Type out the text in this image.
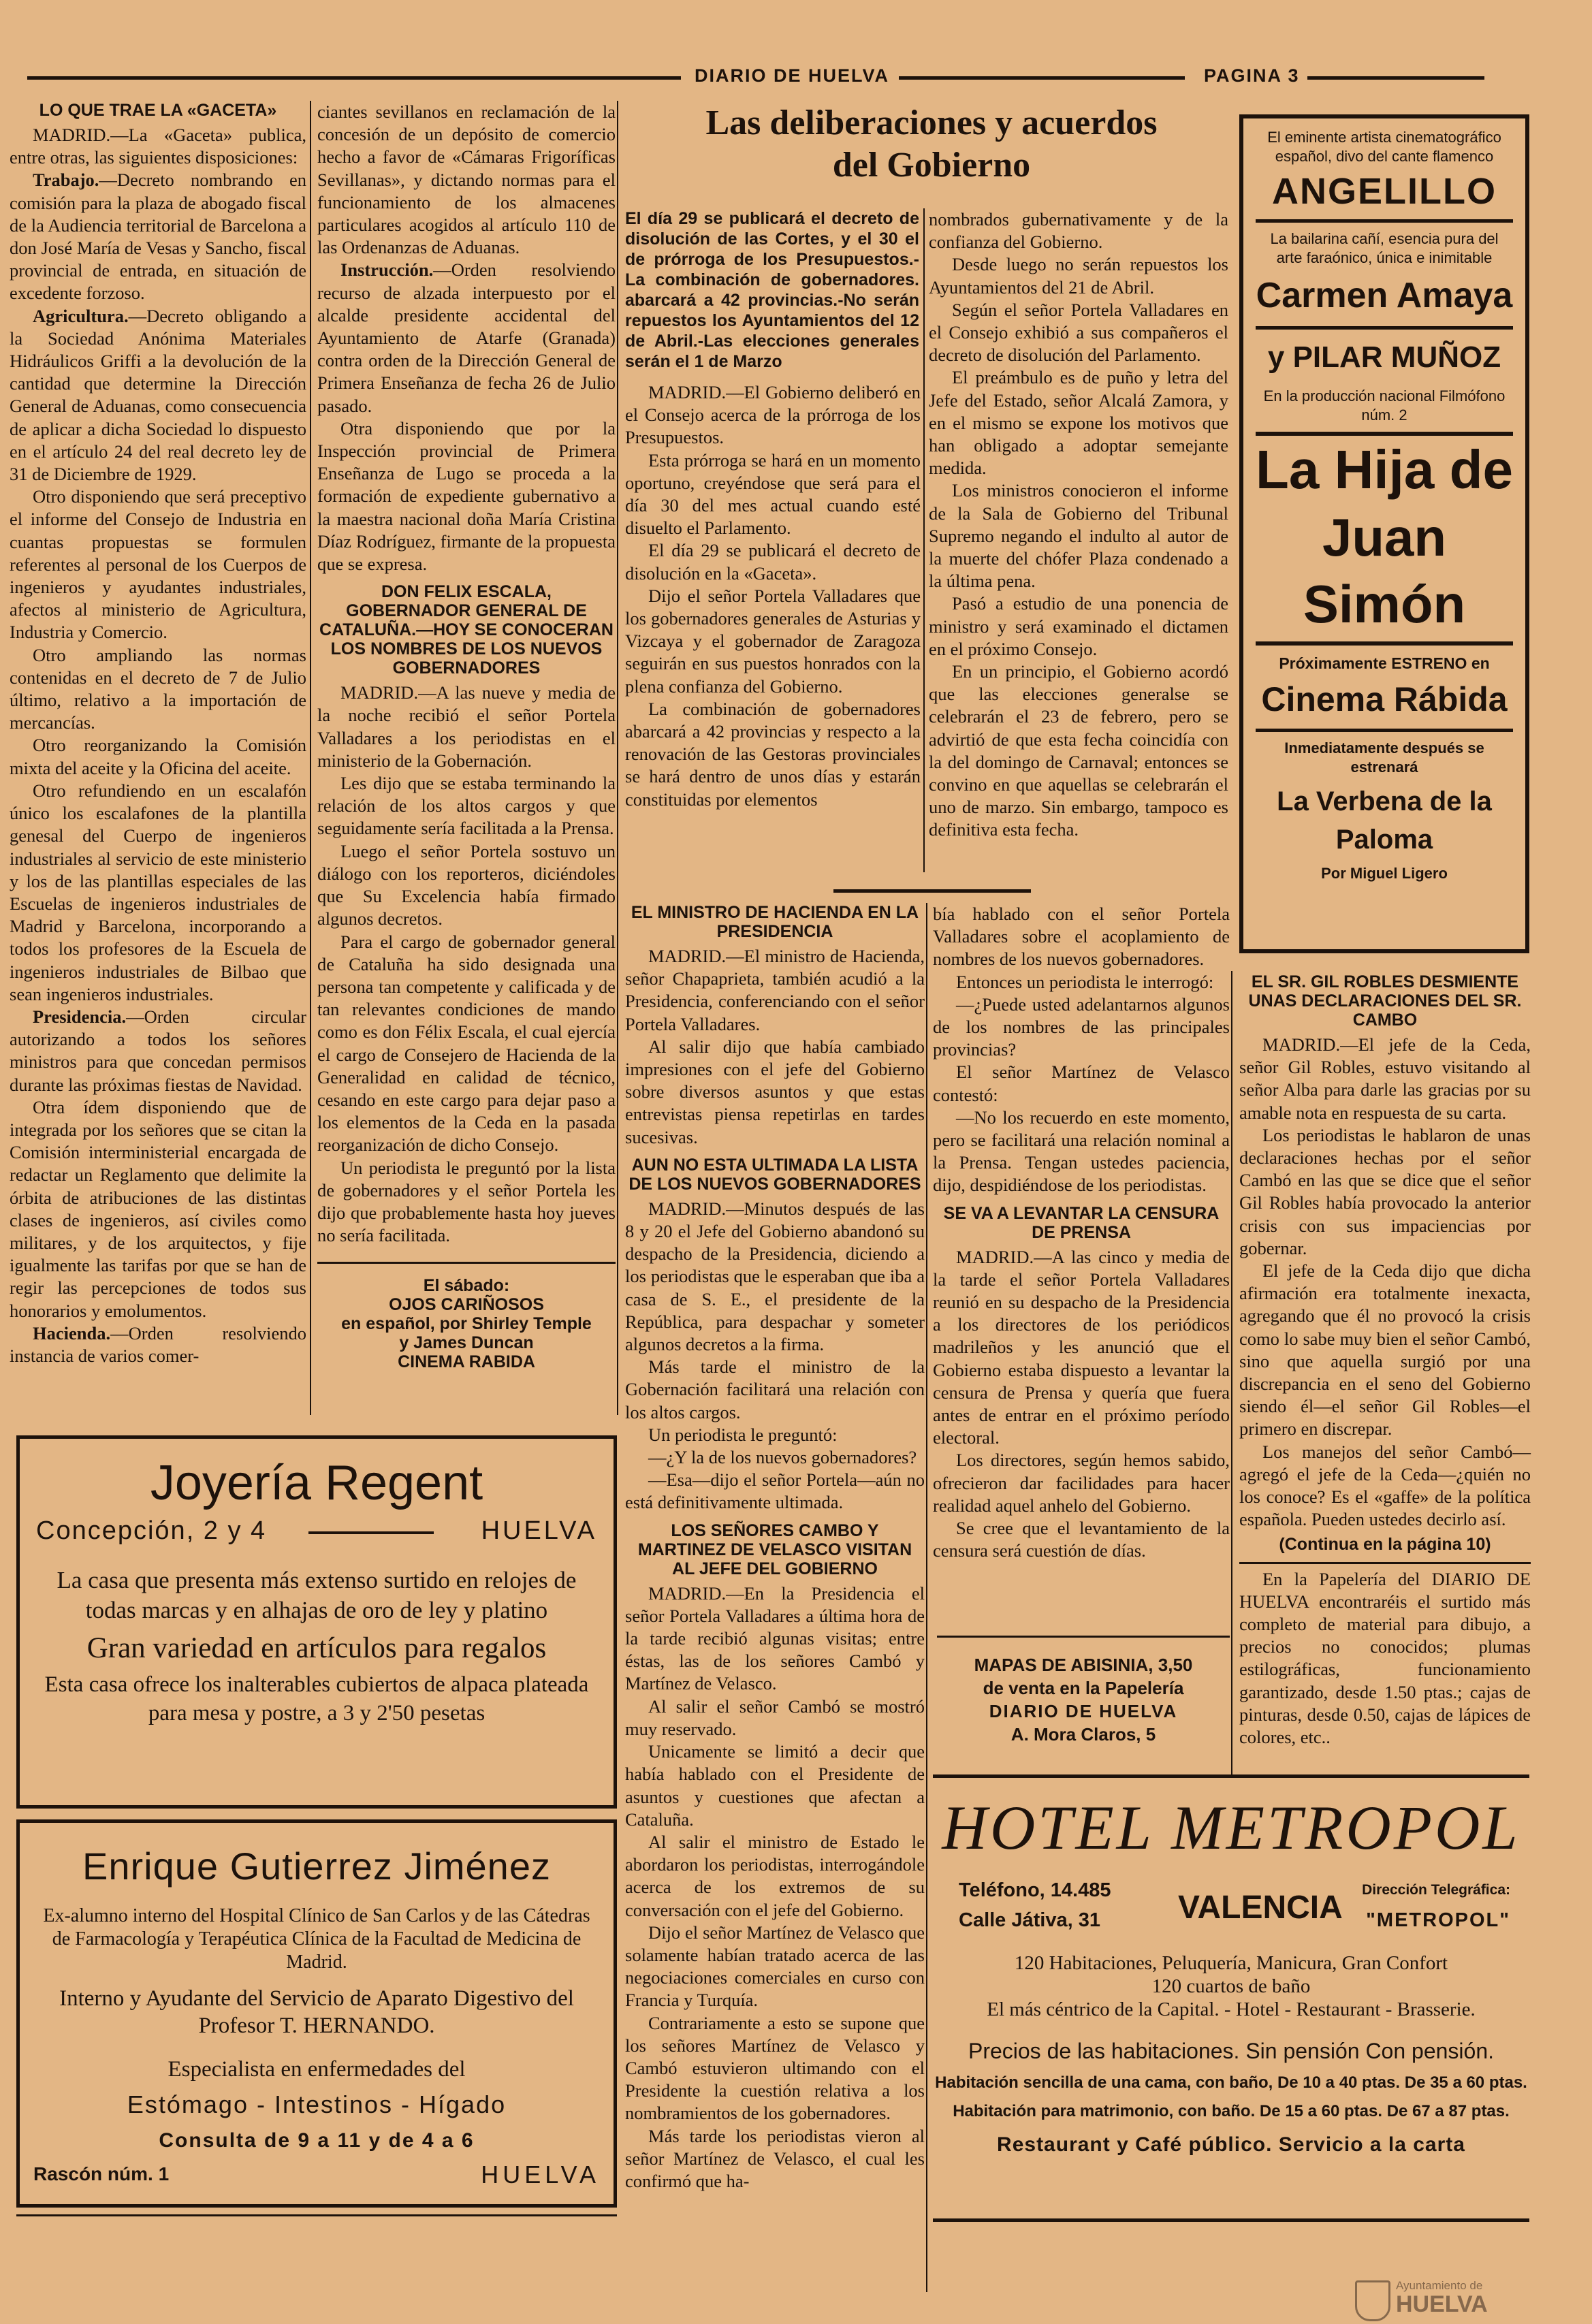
DIARIO DE HUELVA	PAGINA 3
LO QUE TRAE LA «GACETA»

MADRID.—La «Gaceta» publica, entre otras, las siguientes disposiciones:

Trabajo.—Decreto nombrando en comisión para la plaza de abogado fiscal de la Audiencia territorial de Barcelona a don José María de Vesas y Sancho, fiscal provincial de entrada, en situación de excedente forzoso.

Agricultura.—Decreto obligando a la Sociedad Anónima Materiales Hidráulicos Griffi a la devolución de la cantidad que determine la Dirección General de Aduanas, como consecuencia de aplicar a dicha Sociedad lo dispuesto en el artículo 24 del real decreto ley de 31 de Diciembre de 1929.

Otro disponiendo que será preceptivo el informe del Consejo de Industria en cuantas propuestas se formulen referentes al personal de los Cuerpos de ingenieros y ayudantes industriales, afectos al ministerio de Agricultura, Industria y Comercio.

Otro ampliando las normas contenidas en el decreto de 7 de Julio último, relativo a la importación de mercancías.

Otro reorganizando la Comisión mixta del aceite y la Oficina del aceite.

Otro refundiendo en un escalafón único los escalafones de la plantilla genesal del Cuerpo de ingenieros industriales al servicio de este ministerio y los de las plantillas especiales de las Escuelas de ingenieros industriales de Madrid y Barcelona, incorporando a todos los profesores de la Escuela de ingenieros industriales de Bilbao que sean ingenieros industriales.

Presidencia.—Orden circular autorizando a todos los señores ministros para que concedan permisos durante las próximas fiestas de Navidad.

Otra ídem disponiendo que de integrada por los señores que se citan la Comisión interministerial encargada de redactar un Reglamento que delimite la órbita de atribuciones de las distintas clases de ingenieros, así civiles como militares, y de los arquitectos, y fije igualmente las tarifas por que se han de regir las percepciones de todos sus honorarios y emolumentos.

Hacienda.—Orden resolviendo instancia de varios comer-

ciantes sevillanos en reclamación de la concesión de un depósito de comercio hecho a favor de «Cámaras Frigoríficas Sevillanas», y dictando normas para el funcionamiento de los almacenes particulares acogidos al artículo 110 de las Ordenanzas de Aduanas.

Instrucción.—Orden resolviendo recurso de alzada interpuesto por el alcalde presidente accidental del Ayuntamiento de Atarfe (Granada) contra orden de la Dirección General de Primera Enseñanza de fecha 26 de Julio pasado.

Otra disponiendo que por la Inspección provincial de Primera Enseñanza de Lugo se proceda a la formación de expediente gubernativo a la maestra nacional doña María Cristina Díaz Rodríguez, firmante de la propuesta que se expresa.

DON FELIX ESCALA, GOBERNADOR GENERAL DE CATALUÑA.—HOY SE CONOCERAN LOS NOMBRES DE LOS NUEVOS GOBERNADORES

MADRID.—A las nueve y media de la noche recibió el señor Portela Valladares a los periodistas en el ministerio de la Gobernación.

Les dijo que se estaba terminando la relación de los altos cargos y que seguidamente sería facilitada a la Prensa.

Luego el señor Portela sostuvo un diálogo con los reporteros, diciéndoles que Su Excelencia había firmado algunos decretos.

Para el cargo de gobernador general de Cataluña ha sido designada una persona tan competente y calificada y de tan relevantes condiciones de mando como es don Félix Escala, el cual ejercía el cargo de Consejero de Hacienda de la Generalidad en calidad de técnico, cesando en este cargo para dejar paso a los elementos de la Ceda en la pasada reorganización de dicho Consejo.

Un periodista le preguntó por la lista de gobernadores y el señor Portela les dijo que probablemente hasta hoy jueves no sería facilitada.

El sábado:
OJOS CARIÑOSOS
en español, por Shirley Temple
y James Duncan
CINEMA RABIDA
Las deliberaciones y acuerdos
del Gobierno
El día 29 se publicará el decreto de disolución de las Cortes, y el 30 el de prórroga de los Presupuestos.-La combinación de gobernadores. abarcará a 42 provincias.-No serán repuestos los Ayuntamientos del 12 de Abril.-Las elecciones generales serán el 1 de Marzo

MADRID.—El Gobierno deliberó en el Consejo acerca de la prórroga de los Presupuestos.

Esta prórroga se hará en un momento oportuno, creyéndose que será para el día 30 del mes actual cuando esté disuelto el Parlamento.

El día 29 se publicará el decreto de disolución en la «Gaceta».

Dijo el señor Portela Valladares que los gobernadores generales de Asturias y Vizcaya y el gobernador de Zaragoza seguirán en sus puestos honrados con la plena confianza del Gobierno.

La combinación de gobernadores abarcará a 42 provincias y respecto a la renovación de las Gestoras provinciales se hará dentro de unos días y estarán constituidas por elementos

nombrados gubernativamente y de la confianza del Gobierno.

Desde luego no serán repuestos los Ayuntamientos del 21 de Abril.

Según el señor Portela Valladares en el Consejo exhibió a sus compañeros el decreto de disolución del Parlamento.

El preámbulo es de puño y letra del Jefe del Estado, señor Alcalá Zamora, y en el mismo se expone los motivos que han obligado a adoptar semejante medida.

Los ministros conocieron el informe de la Sala de Gobierno del Tribunal Supremo negando el indulto al autor de la muerte del chófer Plaza condenado a la última pena.

Pasó a estudio de una ponencia de ministro y será examinado el dictamen en el próximo Consejo.

En un principio, el Gobierno acordó que las elecciones generalse se celebrarán el 23 de febrero, pero se advirtió de que esta fecha coincidía con la del domingo de Carnaval; entonces se convino en que aquellas se celebrarán el uno de marzo. Sin embargo, tampoco es definitiva esta fecha.

EL MINISTRO DE HACIENDA EN LA PRESIDENCIA

MADRID.—El ministro de Hacienda, señor Chapaprieta, también acudió a la Presidencia, conferenciando con el señor Portela Valladares.

Al salir dijo que había cambiado impresiones con el jefe del Gobierno sobre diversos asuntos y que estas entrevistas piensa repetirlas en tardes sucesivas.

AUN NO ESTA ULTIMADA LA LISTA DE LOS NUEVOS GOBERNADORES

MADRID.—Minutos después de las 8 y 20 el Jefe del Gobierno abandonó su despacho de la Presidencia, diciendo a los periodistas que le esperaban que iba a casa de S. E., el presidente de la República, para despachar y someter algunos decretos a la firma.

Más tarde el ministro de la Gobernación facilitará una relación con los altos cargos.

Un periodista le preguntó:

—¿Y la de los nuevos gobernadores?

—Esa—dijo el señor Portela—aún no está definitivamente ultimada.

LOS SEÑORES CAMBO Y MARTINEZ DE VELASCO VISITAN AL JEFE DEL GOBIERNO

MADRID.—En la Presidencia el señor Portela Valladares a última hora de la tarde recibió algunas visitas; entre éstas, las de los señores Cambó y Martínez de Velasco.

Al salir el señor Cambó se mostró muy reservado.

Unicamente se limitó a decir que había hablado con el Presidente de asuntos y cuestiones que afectan a Cataluña.

Al salir el ministro de Estado le abordaron los periodistas, interrogándole acerca de los extremos de su conversación con el jefe del Gobierno.

Dijo el señor Martínez de Velasco que solamente habían tratado acerca de las negociaciones comerciales en curso con Francia y Turquía.

Contrariamente a esto se supone que los señores Martínez de Velasco y Cambó estuvieron ultimando con el Presidente la cuestión relativa a los nombramientos de los gobernadores.

Más tarde los periodistas vieron al señor Martínez de Velasco, el cual les confirmó que ha-

bía hablado con el señor Portela Valladares sobre el acoplamiento de nombres de los nuevos gobernadores.

Entonces un periodista le interrogó:

—¿Puede usted adelantarnos algunos de los nombres de las principales provincias?

El señor Martínez de Velasco contestó:

—No los recuerdo en este momento, pero se facilitará una relación nominal a la Prensa. Tengan ustedes paciencia, dijo, despidiéndose de los periodistas.

SE VA A LEVANTAR LA CENSURA DE PRENSA

MADRID.—A las cinco y media de la tarde el señor Portela Valladares reunió en su despacho de la Presidencia a los directores de los periódicos madrileños y les anunció que el Gobierno estaba dispuesto a levantar la censura de Prensa y quería que fuera antes de entrar en el próximo período electoral.

Los directores, según hemos sabido, ofrecieron dar facilidades para hacer realidad aquel anhelo del Gobierno.

Se cree que el levantamiento de la censura será cuestión de días.

MAPAS DE ABISINIA, 3,50
de venta en la Papelería
DIARIO DE HUELVA
A. Mora Claros, 5
El eminente artista cinematográfico español, divo del cante flamenco
ANGELILLO
La bailarina cañí, esencia pura del arte faraónico, única e inimitable
Carmen Amaya
y PILAR MUÑOZ
En la producción nacional Filmófono núm. 2
La Hija de
Juan Simón
Próximamente ESTRENO en
Cinema Rábida
Inmediatamente después se estrenará
La Verbena de la Paloma
Por Miguel Ligero
EL SR. GIL ROBLES DESMIENTE UNAS DECLARACIONES DEL SR. CAMBO

MADRID.—El jefe de la Ceda, señor Gil Robles, estuvo visitando al señor Alba para darle las gracias por su amable nota en respuesta de su carta.

Los periodistas le hablaron de unas declaraciones hechas por el señor Cambó en las que se dice que el señor Gil Robles había provocado la anterior crisis con sus impaciencias por gobernar.

El jefe de la Ceda dijo que dicha afirmación era totalmente inexacta, agregando que él no provocó la crisis como lo sabe muy bien el señor Cambó, sino que aquella surgió por una discrepancia en el seno del Gobierno siendo él—el señor Gil Robles—el primero en discrepar.

Los manejos del señor Cambó—agregó el jefe de la Ceda—¿quién no los conoce? Es el «gaffe» de la política española. Pueden ustedes decirlo así.

(Continua en la página 10)

En la Papelería del DIARIO DE HUELVA encontraréis el surtido más completo de material para dibujo, a precios no conocidos; plumas estilográficas, funcionamiento garantizado, desde 1.50 ptas.; cajas de pinturas, desde 0.50, cajas de lápices de colores, etc..

Joyería Regent
Concepción, 2 y 4	HUELVA
La casa que presenta más extenso surtido en relojes de todas marcas y en alhajas de oro de ley y platino
Gran variedad en artículos para regalos
Esta casa ofrece los inalterables cubiertos de alpaca plateada para mesa y postre, a 3 y 2'50 pesetas
Enrique Gutierrez Jiménez
Ex-alumno interno del Hospital Clínico de San Carlos y de las Cátedras de Farmacología y Terapéutica Clínica de la Facultad de Medicina de Madrid.
Interno y Ayudante del Servicio de Aparato Digestivo del Profesor T. HERNANDO.
Especialista en enfermedades del
Estómago - Intestinos - Hígado
Consulta de 9 a 11 y de 4 a 6
Rascón núm. 1	HUELVA
HOTEL METROPOL
Teléfono, 14.485
Calle Játiva, 31 VALENCIA Dirección Telegráfica:
"METROPOL"
120 Habitaciones, Peluquería, Manicura, Gran Confort
120 cuartos de baño
El más céntrico de la Capital. - Hotel - Restaurant - Brasserie.
Precios de las habitaciones. Sin pensión Con pensión.
Habitación sencilla de una cama, con baño, De 10 a 40 ptas. De 35 a 60 ptas.
Habitación para matrimonio, con baño. De 15 a 60 ptas. De 67 a 87 ptas.
Restaurant y Café público. Servicio a la carta
Ayuntamiento de
HUELVA
